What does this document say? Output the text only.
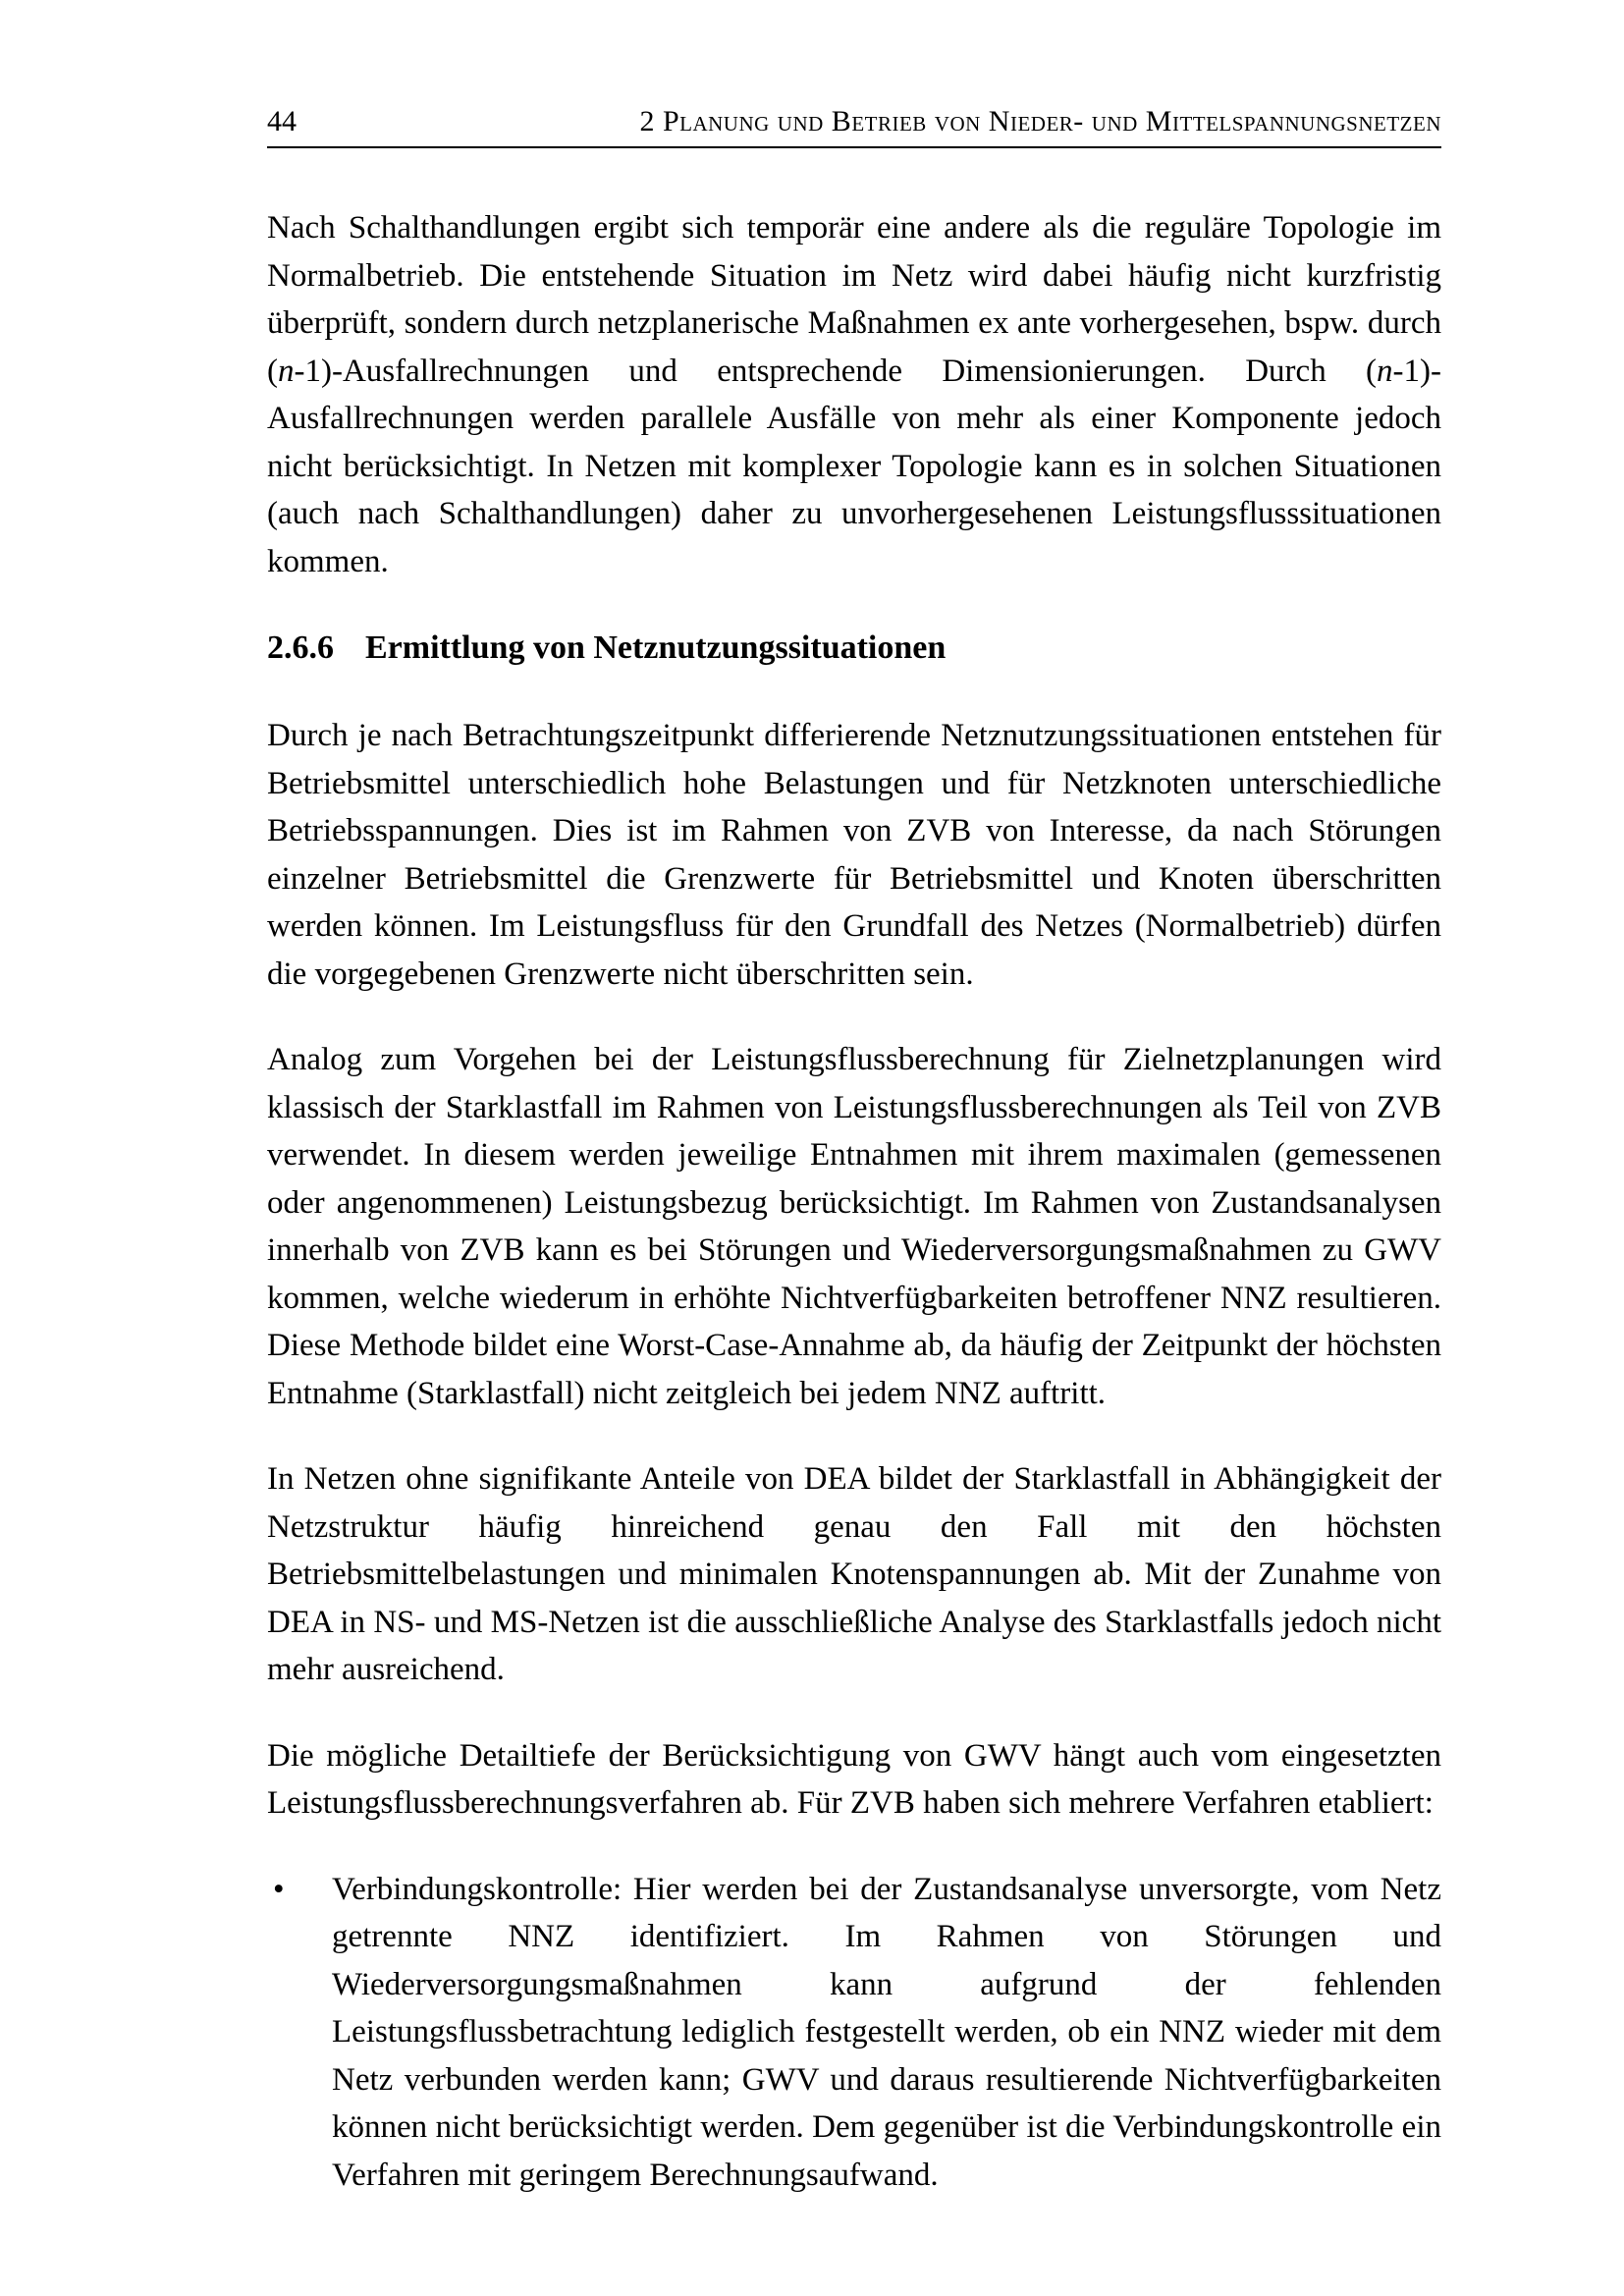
44	2 Planung und Betrieb von Nieder- und Mittelspannungsnetzen

Nach Schalthandlungen ergibt sich temporär eine andere als die reguläre Topologie im Normalbetrieb. Die entstehende Situation im Netz wird dabei häufig nicht kurzfristig überprüft, sondern durch netzplanerische Maßnahmen ex ante vorhergesehen, bspw. durch (n-1)-Ausfallrechnungen und entsprechende Dimensionierungen. Durch (n-1)-Ausfallrechnungen werden parallele Ausfälle von mehr als einer Komponente jedoch nicht berücksichtigt. In Netzen mit komplexer Topologie kann es in solchen Situationen (auch nach Schalthandlungen) daher zu unvorhergesehenen Leistungsflusssituationen kommen.

2.6.6 Ermittlung von Netznutzungssituationen

Durch je nach Betrachtungszeitpunkt differierende Netznutzungssituationen entstehen für Betriebsmittel unterschiedlich hohe Belastungen und für Netzknoten unterschiedliche Betriebsspannungen. Dies ist im Rahmen von ZVB von Interesse, da nach Störungen einzelner Betriebsmittel die Grenzwerte für Betriebsmittel und Knoten überschritten werden können. Im Leistungsfluss für den Grundfall des Netzes (Normalbetrieb) dürfen die vorgegebenen Grenzwerte nicht überschritten sein.

Analog zum Vorgehen bei der Leistungsflussberechnung für Zielnetzplanungen wird klassisch der Starklastfall im Rahmen von Leistungsflussberechnungen als Teil von ZVB verwendet. In diesem werden jeweilige Entnahmen mit ihrem maximalen (gemessenen oder angenommenen) Leistungsbezug berücksichtigt. Im Rahmen von Zustandsanalysen innerhalb von ZVB kann es bei Störungen und Wiederversorgungsmaßnahmen zu GWV kommen, welche wiederum in erhöhte Nichtverfügbarkeiten betroffener NNZ resultieren. Diese Methode bildet eine Worst-Case-Annahme ab, da häufig der Zeitpunkt der höchsten Entnahme (Starklastfall) nicht zeitgleich bei jedem NNZ auftritt.

In Netzen ohne signifikante Anteile von DEA bildet der Starklastfall in Abhängigkeit der Netzstruktur häufig hinreichend genau den Fall mit den höchsten Betriebsmittelbelastungen und minimalen Knotenspannungen ab. Mit der Zunahme von DEA in NS- und MS-Netzen ist die ausschließliche Analyse des Starklastfalls jedoch nicht mehr ausreichend.

Die mögliche Detailtiefe der Berücksichtigung von GWV hängt auch vom eingesetzten Leistungsflussberechnungsverfahren ab. Für ZVB haben sich mehrere Verfahren etabliert:

• Verbindungskontrolle: Hier werden bei der Zustandsanalyse unversorgte, vom Netz getrennte NNZ identifiziert. Im Rahmen von Störungen und Wiederversorgungsmaßnahmen kann aufgrund der fehlenden Leistungsflussbetrachtung lediglich festgestellt werden, ob ein NNZ wieder mit dem Netz verbunden werden kann; GWV und daraus resultierende Nichtverfügbarkeiten können nicht berücksichtigt werden. Dem gegenüber ist die Verbindungskontrolle ein Verfahren mit geringem Berechnungsaufwand.
